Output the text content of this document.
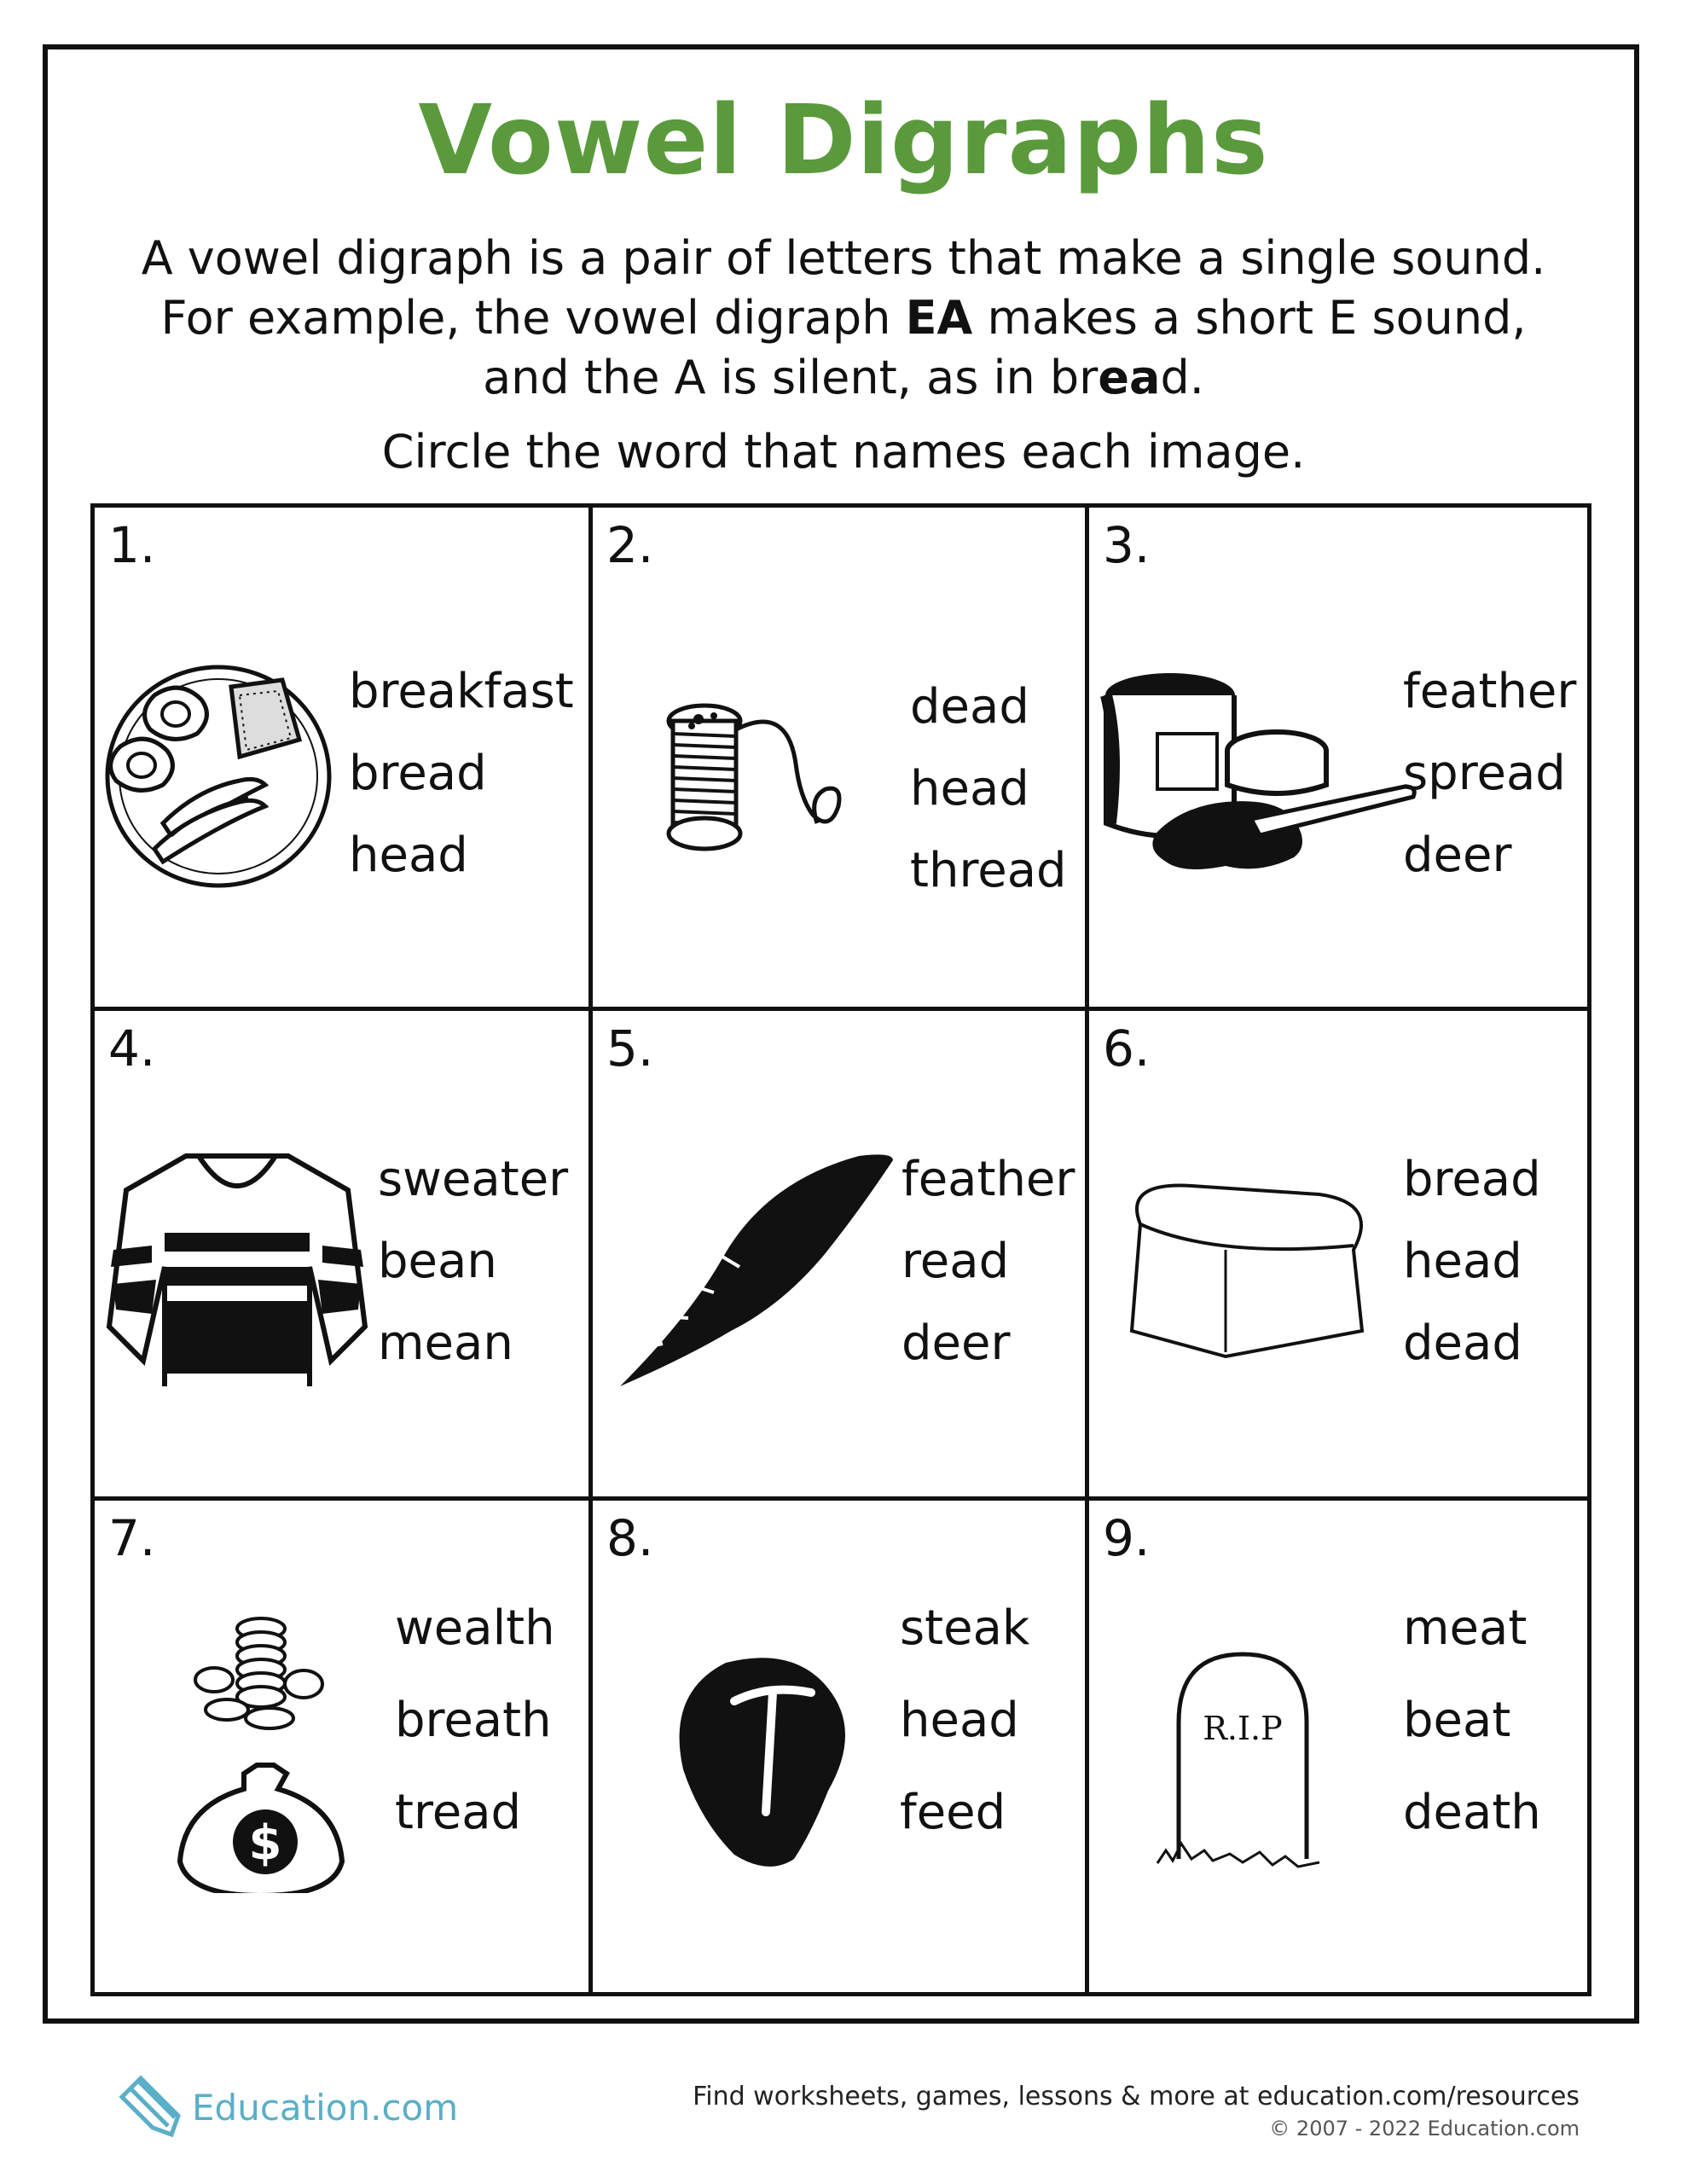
Vowel Digraphs
A vowel digraph is a pair of letters that make a single sound.
For example, the vowel digraph EA makes a short E sound,
and the A is silent, as in bread.
Circle the word that names each image.
1.
breakfast
bread
head
dead
head
thread
2.
feather
spread
deer
3.
4.
sweater
bean
mean
5.
feather
read
deer
6.
bread
head
dead
7.
$
wealth
breath
tread
8.
steak
head
feed
9.
R.I.P
meat
beat
death
Education.com	Find worksheets, games, lessons & more at education.com/resources
© 2007 - 2022 Education.com
